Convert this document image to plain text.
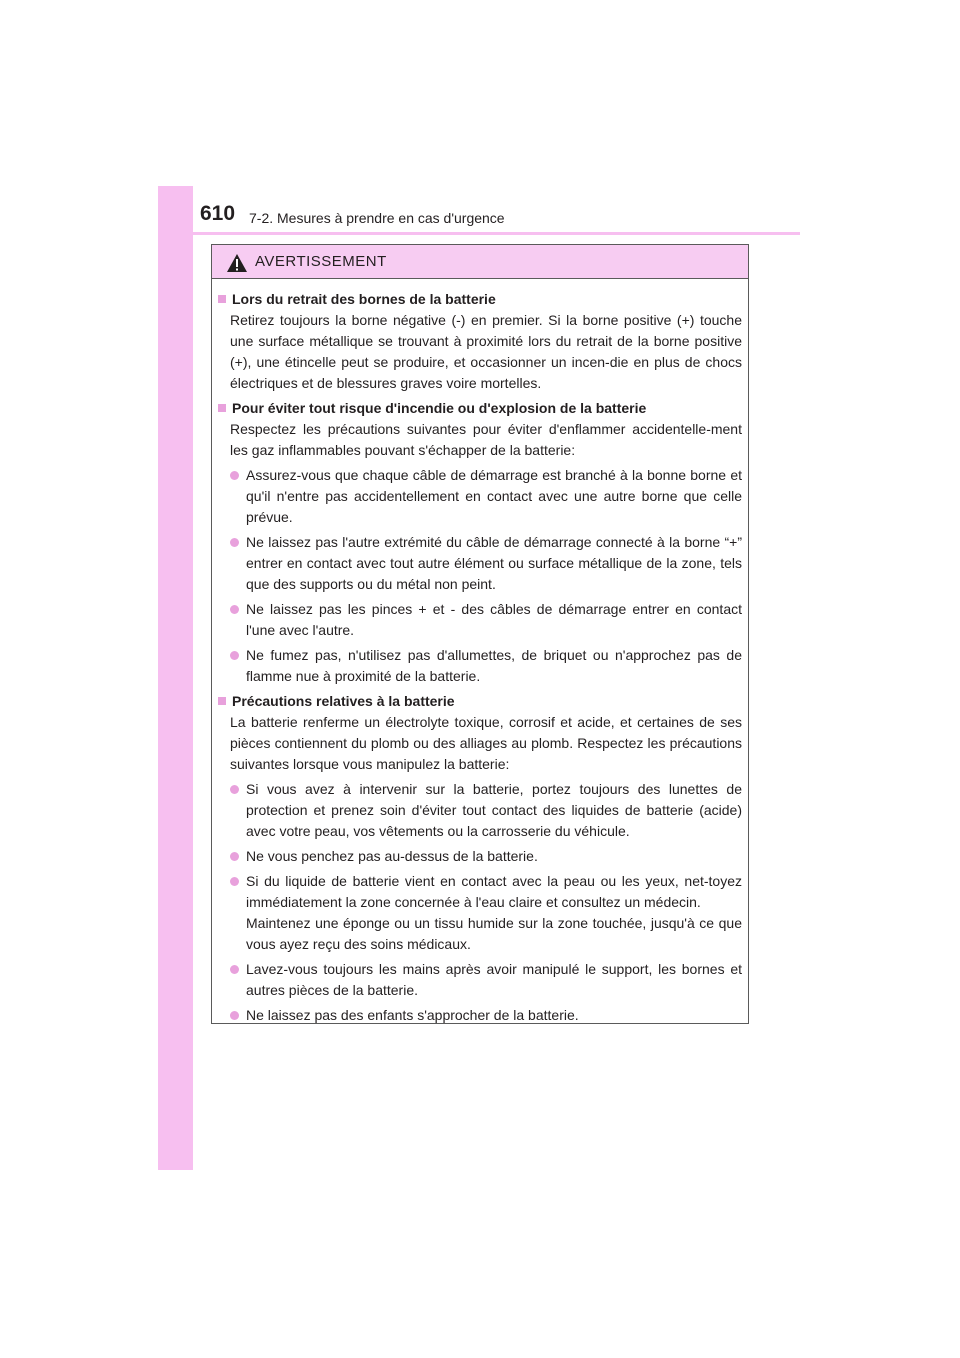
610 7-2. Mesures à prendre en cas d'urgence
AVERTISSEMENT
Lors du retrait des bornes de la batterie
Retirez toujours la borne négative (-) en premier. Si la borne positive (+) touche une surface métallique se trouvant à proximité lors du retrait de la borne positive (+), une étincelle peut se produire, et occasionner un incen-die en plus de chocs électriques et de blessures graves voire mortelles.
Pour éviter tout risque d'incendie ou d'explosion de la batterie
Respectez les précautions suivantes pour éviter d'enflammer accidentelle-ment les gaz inflammables pouvant s'échapper de la batterie:
Assurez-vous que chaque câble de démarrage est branché à la bonne borne et qu'il n'entre pas accidentellement en contact avec une autre borne que celle prévue.
Ne laissez pas l'autre extrémité du câble de démarrage connecté à la borne “+” entrer en contact avec tout autre élément ou surface métallique de la zone, tels que des supports ou du métal non peint.
Ne laissez pas les pinces + et - des câbles de démarrage entrer en contact l'une avec l'autre.
Ne fumez pas, n'utilisez pas d'allumettes, de briquet ou n'approchez pas de flamme nue à proximité de la batterie.
Précautions relatives à la batterie
La batterie renferme un électrolyte toxique, corrosif et acide, et certaines de ses pièces contiennent du plomb ou des alliages au plomb. Respectez les précautions suivantes lorsque vous manipulez la batterie:
Si vous avez à intervenir sur la batterie, portez toujours des lunettes de protection et prenez soin d'éviter tout contact des liquides de batterie (acide) avec votre peau, vos vêtements ou la carrosserie du véhicule.
Ne vous penchez pas au-dessus de la batterie.
Si du liquide de batterie vient en contact avec la peau ou les yeux, net-toyez immédiatement la zone concernée à l'eau claire et consultez un médecin.
Maintenez une éponge ou un tissu humide sur la zone touchée, jusqu'à ce que vous ayez reçu des soins médicaux.
Lavez-vous toujours les mains après avoir manipulé le support, les bornes et autres pièces de la batterie.
Ne laissez pas des enfants s'approcher de la batterie.
